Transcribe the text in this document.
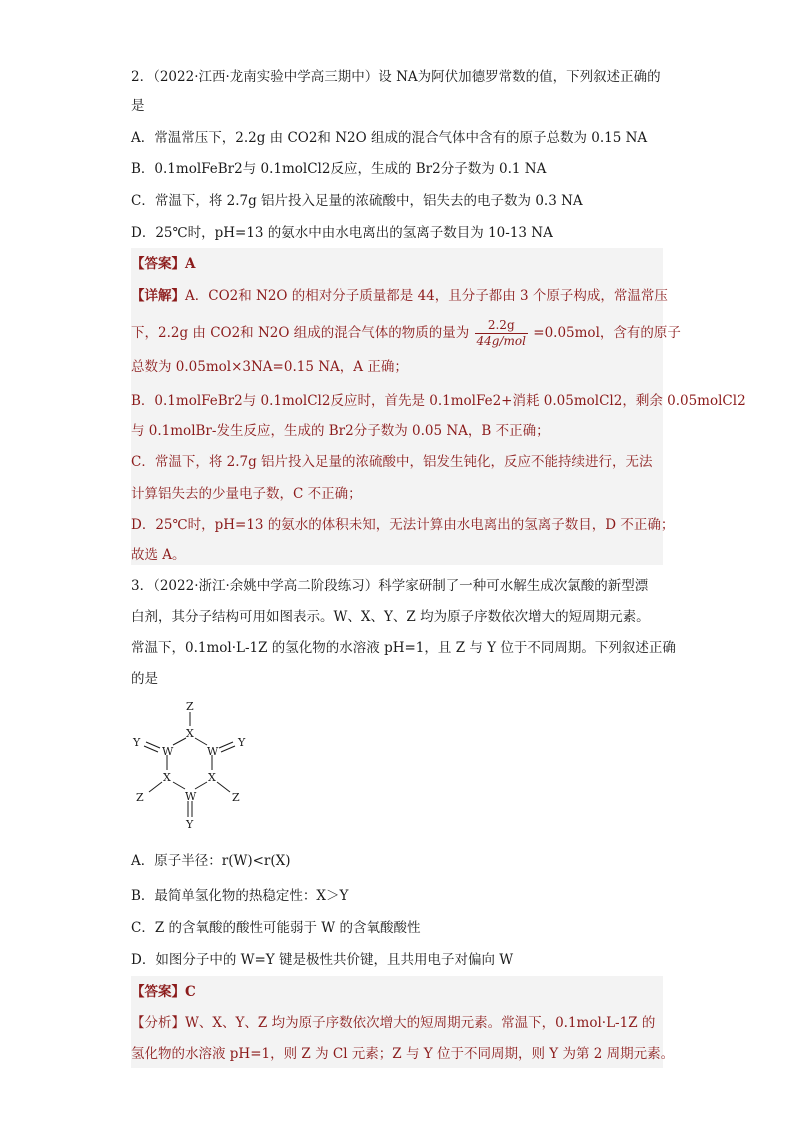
2．（2022·江西·龙南实验中学高三期中）设 NA为阿伏加德罗常数的值，下列叙述正确的
是
A．常温常压下，2.2g 由 CO2和 N2O 组成的混合气体中含有的原子总数为 0.15 NA
B．0.1molFeBr2与 0.1molCl2反应，生成的 Br2分子数为 0.1 NA
C．常温下，将 2.7g 铝片投入足量的浓硫酸中，铝失去的电子数为 0.3 NA
D．25℃时，pH=13 的氨水中由水电离出的氢离子数目为 10-13 NA
【答案】A
【详解】A．CO2和 N2O 的相对分子质量都是 44，且分子都由 3 个原子构成，常温常压
下，2.2g 由 CO2和 N2O 组成的混合气体的物质的量为 $\frac{2.2g}{\text{44g/mol}} =0.05mol$，含有的原子
总数为 0.05mol×3NA=0.15 NA，A 正确；
B．0.1molFeBr2与 0.1molCl2反应时，首先是 0.1molFe2+消耗 0.05molCl2，剩余 0.05molCl2
与 0.1molBr-发生反应，生成的 Br2分子数为 0.05 NA，B 不正确；
C．常温下，将 2.7g 铝片投入足量的浓硫酸中，铝发生钝化，反应不能持续进行，无法
计算铝失去的少量电子数，C 不正确；
D．25℃时，pH=13 的氨水的体积未知，无法计算由水电离出的氢离子数目，D 不正确；
故选 A。
3．（2022·浙江·余姚中学高二阶段练习）科学家研制了一种可水解生成次氯酸的新型漂
白剂，其分子结构可用如图表示。W、X、Y、Z 均为原子序数依次增大的短周期元素。
常温下，0.1mol·L-1Z 的氢化物的水溶液 pH=1，且 Z 与 Y 位于不同周期。下列叙述正确
的是
Z
X
W	W
Y	Y
X	X
W
Z	Z
Y
A．原子半径：r(W)<r(X)
B．最简单氢化物的热稳定性：X＞Y
C．Z 的含氧酸的酸性可能弱于 W 的含氧酸酸性
D．如图分子中的 W=Y 键是极性共价键，且共用电子对偏向 W
【答案】C
【分析】W、X、Y、Z 均为原子序数依次增大的短周期元素。常温下，0.1mol·L-1Z 的
氢化物的水溶液 pH=1，则 Z 为 Cl 元素；Z 与 Y 位于不同周期，则 Y 为第 2 周期元素。
